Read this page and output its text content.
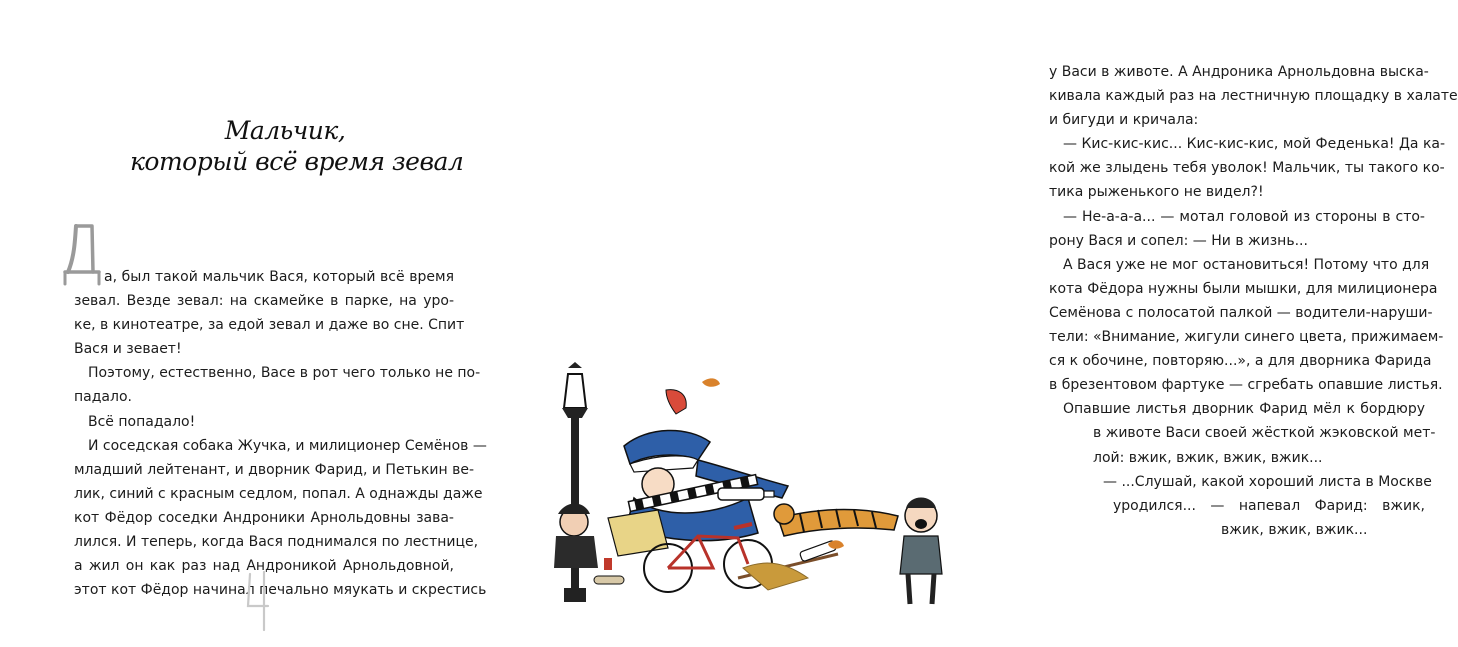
Мальчик,
который всё время зевал
а, был такой мальчик Вася, который всё время
зевал. Везде зевал: на скамейке в парке, на уро-
ке, в кинотеатре, за едой зевал и даже во сне. Спит
Вася и зевает!
Поэтому, естественно, Васе в рот чего только не по-
падало.
Всё попадало!
И соседская собака Жучка, и милиционер Семёнов —
младший лейтенант, и дворник Фарид, и Петькин ве-
лик, синий с красным седлом, попал. А однажды даже
кот Фёдор соседки Андроники Арнольдовны зава-
лился. И теперь, когда Вася поднимался по лестнице,
а жил он как раз над Андроникой Арнольдовной,
этот кот Фёдор начинал печально мяукать и скрестись
у Васи в животе. А Андроника Арнольдовна выска-
кивала каждый раз на лестничную площадку в халате
и бигуди и кричала:
— Кис-кис-кис... Кис-кис-кис, мой Феденька! Да ка-
кой же злыдень тебя уволок! Мальчик, ты такого ко-
тика рыженького не видел?!
— Не-а-а-а... — мотал головой из стороны в сто-
рону Вася и сопел: — Ни в жизнь...
А Вася уже не мог остановиться! Потому что для
кота Фёдора нужны были мышки, для милиционера
Семёнова с полосатой палкой — водители-наруши-
тели: «Внимание, жигули синего цвета, прижимаем-
ся к обочине, повторяю...», а для дворника Фарида
в брезентовом фартуке — сгребать опавшие листья.
Опавшие листья дворник Фарид мёл к бордюру
в животе Васи своей жёсткой жэковской мет-
лой: вжик, вжик, вжик, вжик...
— ...Слушай, какой хороший листа в Москве
уродился... — напевал Фарид: вжик,
вжик, вжик, вжик...
